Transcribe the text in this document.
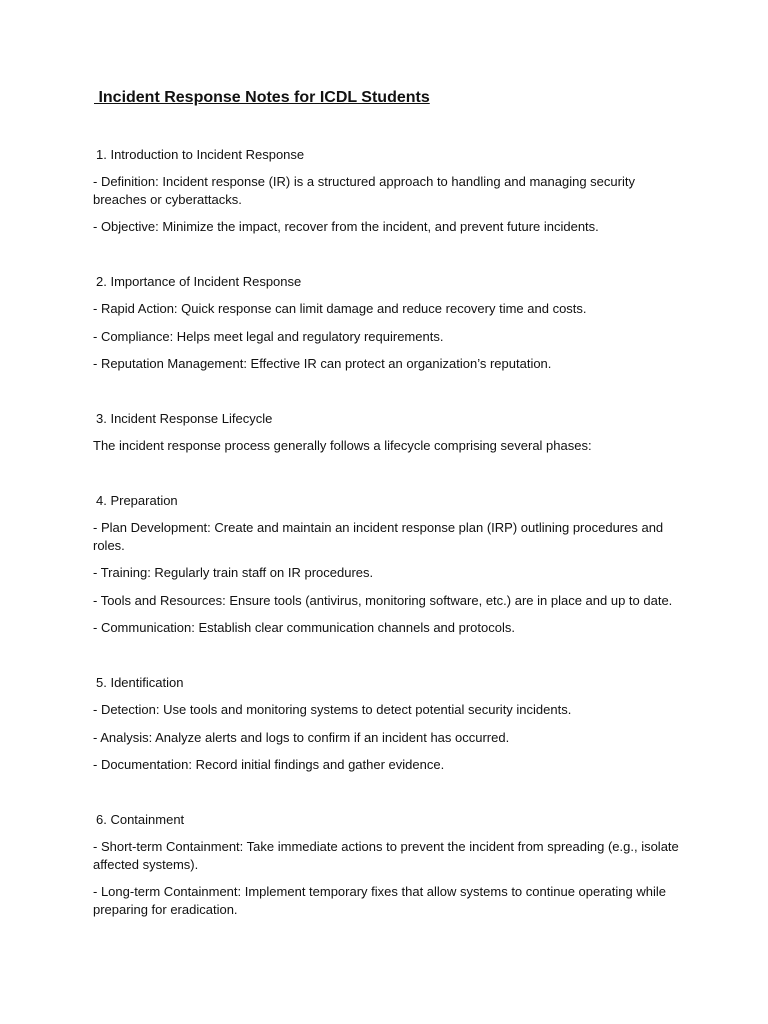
Incident Response Notes for ICDL Students

1. Introduction to Incident Response

- Definition: Incident response (IR) is a structured approach to handling and managing security breaches or cyberattacks.

- Objective: Minimize the impact, recover from the incident, and prevent future incidents.

2. Importance of Incident Response

- Rapid Action: Quick response can limit damage and reduce recovery time and costs.

- Compliance: Helps meet legal and regulatory requirements.

- Reputation Management: Effective IR can protect an organization’s reputation.

3. Incident Response Lifecycle

The incident response process generally follows a lifecycle comprising several phases:

4. Preparation

- Plan Development: Create and maintain an incident response plan (IRP) outlining procedures and roles.

- Training: Regularly train staff on IR procedures.

- Tools and Resources: Ensure tools (antivirus, monitoring software, etc.) are in place and up to date.

- Communication: Establish clear communication channels and protocols.

5. Identification

- Detection: Use tools and monitoring systems to detect potential security incidents.

- Analysis: Analyze alerts and logs to confirm if an incident has occurred.

- Documentation: Record initial findings and gather evidence.

6. Containment

- Short-term Containment: Take immediate actions to prevent the incident from spreading (e.g., isolate affected systems).

- Long-term Containment: Implement temporary fixes that allow systems to continue operating while preparing for eradication.
